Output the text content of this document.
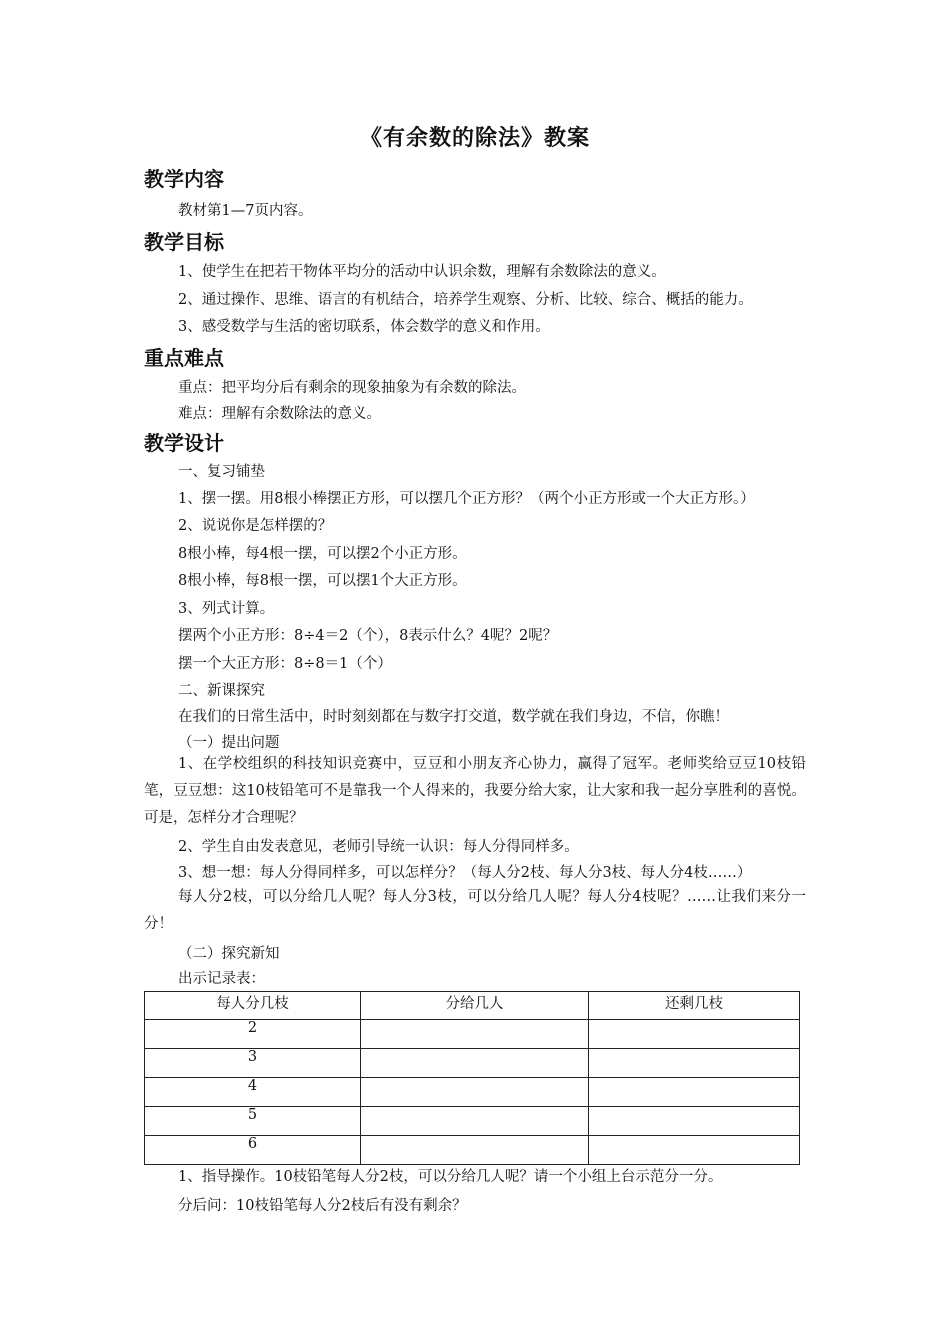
《有余数的除法》教案
教学内容
教材第1—7页内容。
教学目标
1、使学生在把若干物体平均分的活动中认识余数，理解有余数除法的意义。
2、通过操作、思维、语言的有机结合，培养学生观察、分析、比较、综合、概括的能力。
3、感受数学与生活的密切联系，体会数学的意义和作用。
重点难点
重点：把平均分后有剩余的现象抽象为有余数的除法。
难点：理解有余数除法的意义。
教学设计
一、复习铺垫
1、摆一摆。用8根小棒摆正方形，可以摆几个正方形？（两个小正方形或一个大正方形。）
2、说说你是怎样摆的？
8根小棒，每4根一摆，可以摆2个小正方形。
8根小棒，每8根一摆，可以摆1个大正方形。
3、列式计算。
摆两个小正方形：8÷4＝2（个），8表示什么？4呢？2呢？
摆一个大正方形：8÷8＝1（个）
二、新课探究
在我们的日常生活中，时时刻刻都在与数字打交道，数学就在我们身边，不信，你瞧！
（一）提出问题
1、在学校组织的科技知识竞赛中，豆豆和小朋友齐心协力，赢得了冠军。老师奖给豆豆10枝铅笔，豆豆想：这10枝铅笔可不是靠我一个人得来的，我要分给大家，让大家和我一起分享胜利的喜悦。可是，怎样分才合理呢？
2、学生自由发表意见，老师引导统一认识：每人分得同样多。
3、想一想：每人分得同样多，可以怎样分？（每人分2枝、每人分3枝、每人分4枝……）
每人分2枝，可以分给几人呢？每人分3枝，可以分给几人呢？每人分4枝呢？……让我们来分一分！
（二）探究新知
出示记录表：
每人分几枝	分给几人	还剩几枝
2		
3		
4		
5		
6		
1、指导操作。10枝铅笔每人分2枝，可以分给几人呢？请一个小组上台示范分一分。
分后问：10枝铅笔每人分2枝后有没有剩余？
